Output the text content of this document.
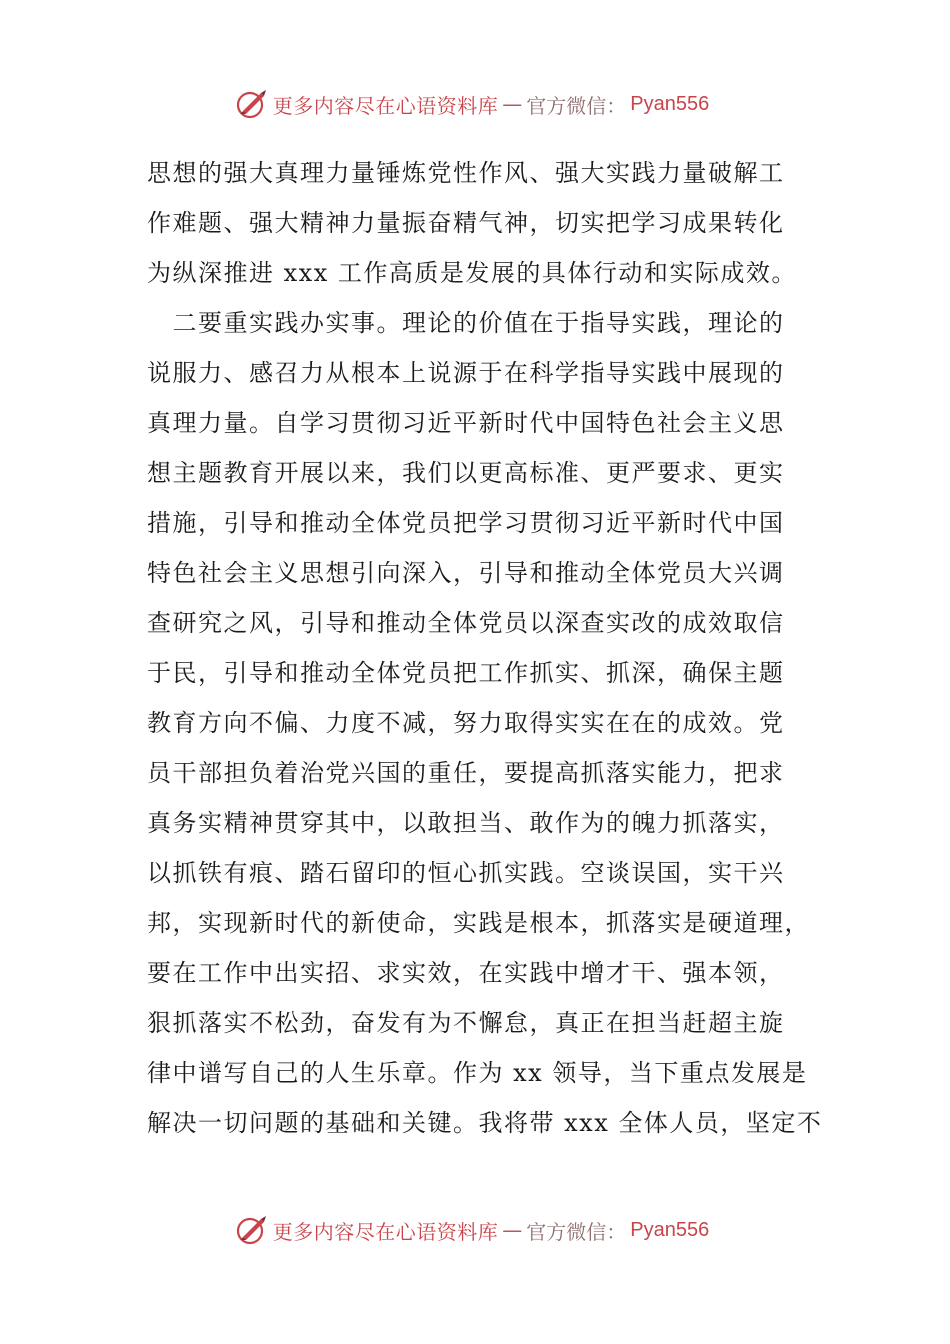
更多内容尽在心语资料库 — 官方微信： Pyan556
思想的强大真理力量锤炼党性作风、强大实践力量破解工
作难题、强大精神力量振奋精气神，切实把学习成果转化
为纵深推进 xxx 工作高质是发展的具体行动和实际成效。
　二要重实践办实事。理论的价值在于指导实践，理论的
说服力、感召力从根本上说源于在科学指导实践中展现的
真理力量。自学习贯彻习近平新时代中国特色社会主义思
想主题教育开展以来，我们以更高标准、更严要求、更实
措施，引导和推动全体党员把学习贯彻习近平新时代中国
特色社会主义思想引向深入，引导和推动全体党员大兴调
查研究之风，引导和推动全体党员以深查实改的成效取信
于民，引导和推动全体党员把工作抓实、抓深，确保主题
教育方向不偏、力度不减，努力取得实实在在的成效。党
员干部担负着治党兴国的重任，要提高抓落实能力，把求
真务实精神贯穿其中，以敢担当、敢作为的魄力抓落实，
以抓铁有痕、踏石留印的恒心抓实践。空谈误国，实干兴
邦，实现新时代的新使命，实践是根本，抓落实是硬道理，
要在工作中出实招、求实效，在实践中增才干、强本领，
狠抓落实不松劲，奋发有为不懈怠，真正在担当赶超主旋
律中谱写自己的人生乐章。作为 xx 领导，当下重点发展是
解决一切问题的基础和关键。我将带 xxx 全体人员，坚定不
更多内容尽在心语资料库 — 官方微信： Pyan556
